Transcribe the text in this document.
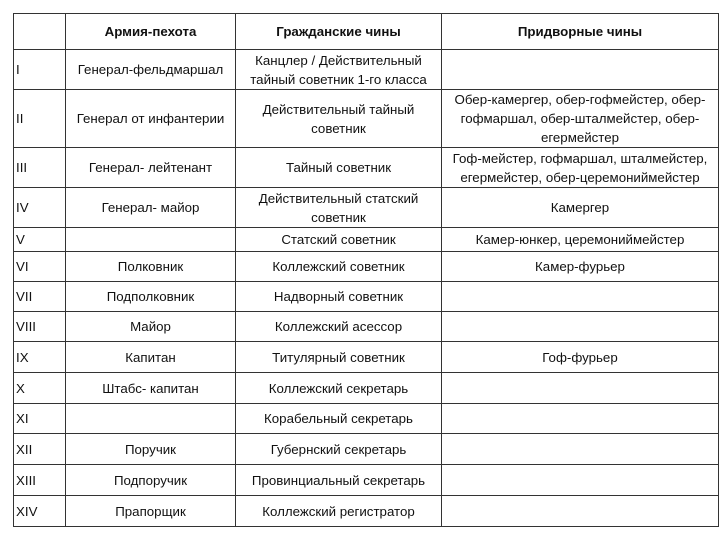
	Армия-пехота	Гражданские чины	Придворные чины
I	Генерал-фельдмаршал	Канцлер / Действительный тайный советник 1-го класса	
II	Генерал от инфантерии	Действительный тайный советник	Обер-камергер, обер-гофмейстер, обер-гофмаршал, обер-шталмейстер, обер-егермейстер
III	Генерал- лейтенант	Тайный советник	Гоф-мейстер, гофмаршал, шталмейстер, егермейстер, обер-церемониймейстер
IV	Генерал- майор	Действительный статский советник	Камергер
V		Статский советник	Камер-юнкер, церемониймейстер
VI	Полковник	Коллежский советник	Камер-фурьер
VII	Подполковник	Надворный советник	
VIII	Майор	Коллежский асессор	
IX	Капитан	Титулярный советник	Гоф-фурьер
X	Штабс- капитан	Коллежский секретарь	
XI		Корабельный секретарь	
XII	Поручик	Губернский секретарь	
XIII	Подпоручик	Провинциальный секретарь	
XIV	Прапорщик	Коллежский регистратор	
